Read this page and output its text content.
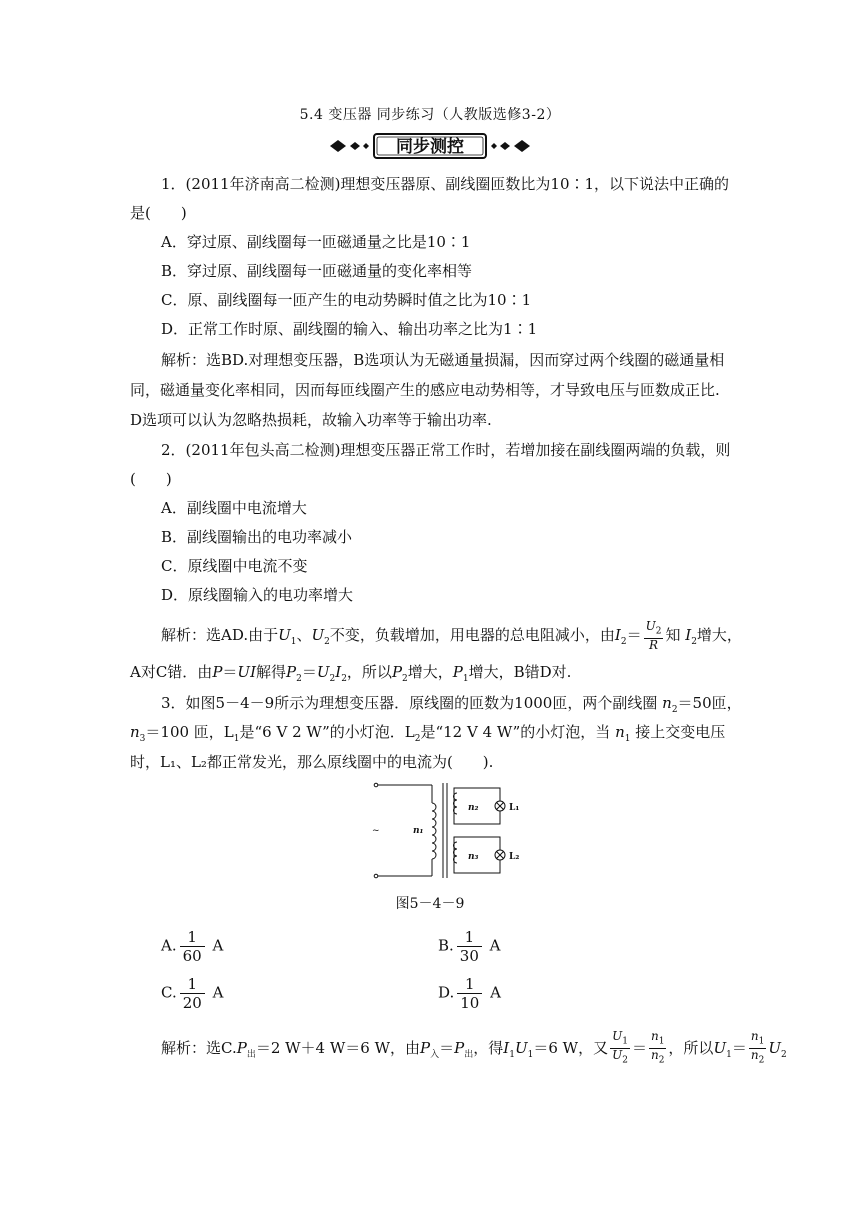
5.4 变压器 同步练习（人教版选修3-2）
同步测控
1．(2011年济南高二检测)理想变压器原、副线圈匝数比为10∶1，以下说法中正确的
是(　　)
A．穿过原、副线圈每一匝磁通量之比是10∶1
B．穿过原、副线圈每一匝磁通量的变化率相等
C．原、副线圈每一匝产生的电动势瞬时值之比为10∶1
D．正常工作时原、副线圈的输入、输出功率之比为1∶1
解析：选BD.对理想变压器，B选项认为无磁通量损漏，因而穿过两个线圈的磁通量相
同，磁通量变化率相同，因而每匝线圈产生的感应电动势相等，才导致电压与匝数成正比.
D选项可以认为忽略热损耗，故输入功率等于输出功率.
2．(2011年包头高二检测)理想变压器正常工作时，若增加接在副线圈两端的负载，则
(　　)
A．副线圈中电流增大
B．副线圈输出的电功率减小
C．原线圈中电流不变
D．原线圈输入的电功率增大
解析：选AD.由于$U_1$、$U_2$不变，负载增加，用电器的总电阻减小，由$I_2= \frac{U_2}{R}$ 知 $I_2$增大，
A对C错．由P＝UI解得$P_2=U_2I_2$，所以$P_2$增大，$P_1$增大，B错D对.
3．如图5－4－9所示为理想变压器．原线圈的匝数为1000匝，两个副线圈 $n_2=50$匝，
$n_3=100$ 匝，$L_1$是“6 V 2 W”的小灯泡．$L_2$是“12 V 4 W”的小灯泡，当 $n_1$ 接上交变电压
时，L₁、L₂都正常发光，那么原线圈中的电流为(　　).
~	n₁
n₂
n₃
L₁
L₂
图5－4－9
A. $\frac{1}{60}$ A	B. $\frac{1}{30}$ A
C. $\frac{1}{20}$ A	D. $\frac{1}{10}$ A
解析：选$C.P_出=2$ W＋4 W＝6 W，由$P_入=P_出$，得$I_1U_1=6$ W，又 $\frac{U_1}{U_2} = \frac{n_1}{n_2}$ ，所以$U_1= \frac{n_1}{n_2} U_2$
